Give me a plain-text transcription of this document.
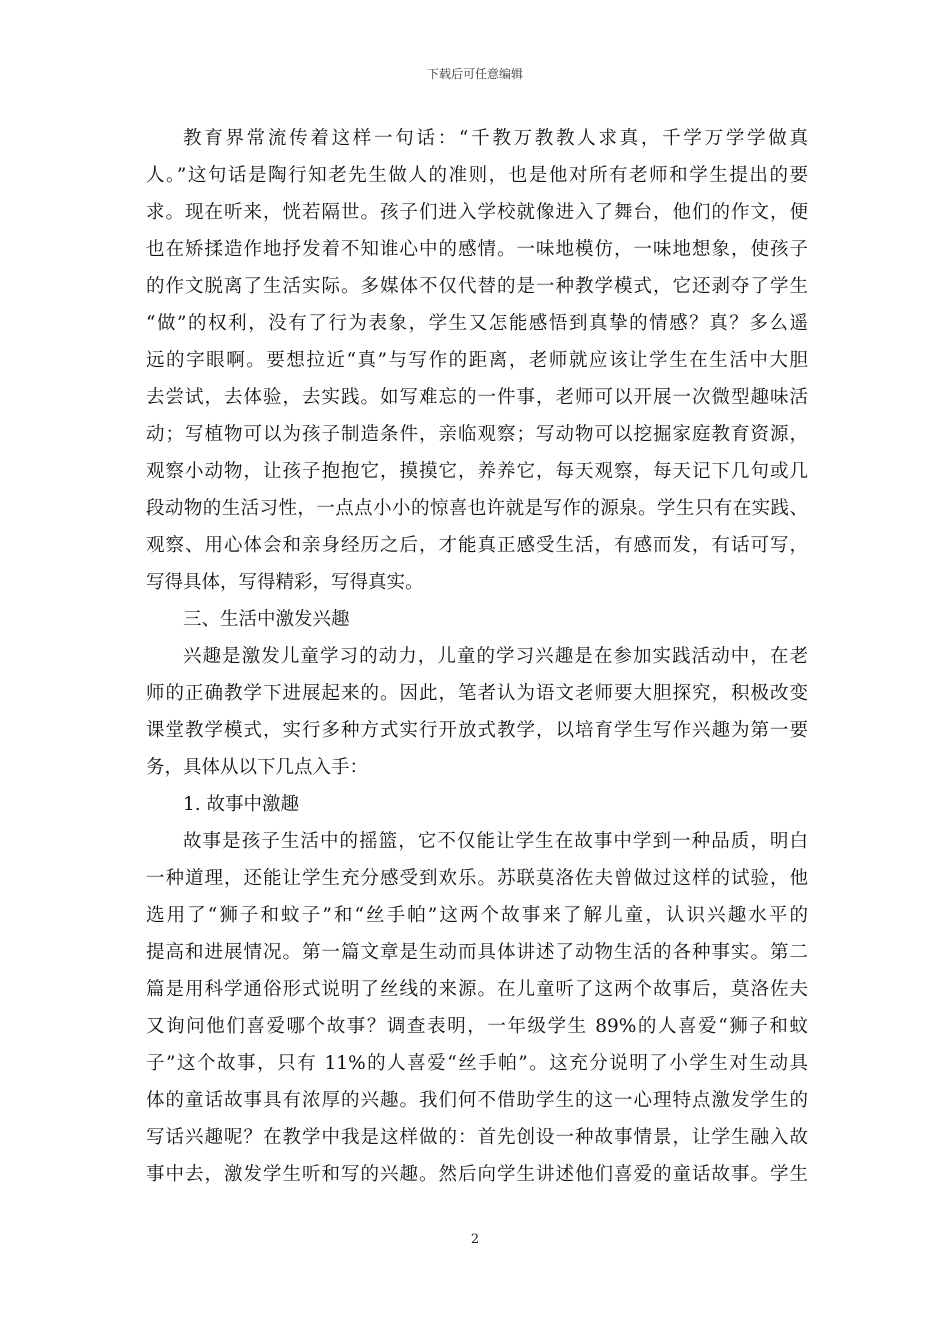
下载后可任意编辑
教育界常流传着这样一句话：“千教万教教人求真，千学万学学做真
人。”这句话是陶行知老先生做人的准则，也是他对所有老师和学生提出的要
求。现在听来，恍若隔世。孩子们进入学校就像进入了舞台，他们的作文，便
也在矫揉造作地抒发着不知谁心中的感情。一味地模仿，一味地想象，使孩子
的作文脱离了生活实际。多媒体不仅代替的是一种教学模式，它还剥夺了学生
“做”的权利，没有了行为表象，学生又怎能感悟到真挚的情感？真？多么遥
远的字眼啊。要想拉近“真”与写作的距离，老师就应该让学生在生活中大胆
去尝试，去体验，去实践。如写难忘的一件事，老师可以开展一次微型趣味活
动；写植物可以为孩子制造条件，亲临观察；写动物可以挖掘家庭教育资源，
观察小动物，让孩子抱抱它，摸摸它，养养它，每天观察，每天记下几句或几
段动物的生活习性，一点点小小的惊喜也许就是写作的源泉。学生只有在实践、
观察、用心体会和亲身经历之后，才能真正感受生活，有感而发，有话可写，
写得具体，写得精彩，写得真实。
三、生活中激发兴趣
兴趣是激发儿童学习的动力，儿童的学习兴趣是在参加实践活动中，在老
师的正确教学下进展起来的。因此，笔者认为语文老师要大胆探究，积极改变
课堂教学模式，实行多种方式实行开放式教学，以培育学生写作兴趣为第一要
务，具体从以下几点入手：
1. 故事中激趣
故事是孩子生活中的摇篮，它不仅能让学生在故事中学到一种品质，明白
一种道理，还能让学生充分感受到欢乐。苏联莫洛佐夫曾做过这样的试验，他
选用了“狮子和蚊子”和“丝手帕”这两个故事来了解儿童，认识兴趣水平的
提高和进展情况。第一篇文章是生动而具体讲述了动物生活的各种事实。第二
篇是用科学通俗形式说明了丝线的来源。在儿童听了这两个故事后，莫洛佐夫
又询问他们喜爱哪个故事？调查表明，一年级学生 89%的人喜爱“狮子和蚊
子”这个故事，只有 11%的人喜爱“丝手帕”。这充分说明了小学生对生动具
体的童话故事具有浓厚的兴趣。我们何不借助学生的这一心理特点激发学生的
写话兴趣呢？在教学中我是这样做的：首先创设一种故事情景，让学生融入故
事中去，激发学生听和写的兴趣。然后向学生讲述他们喜爱的童话故事。学生
2
